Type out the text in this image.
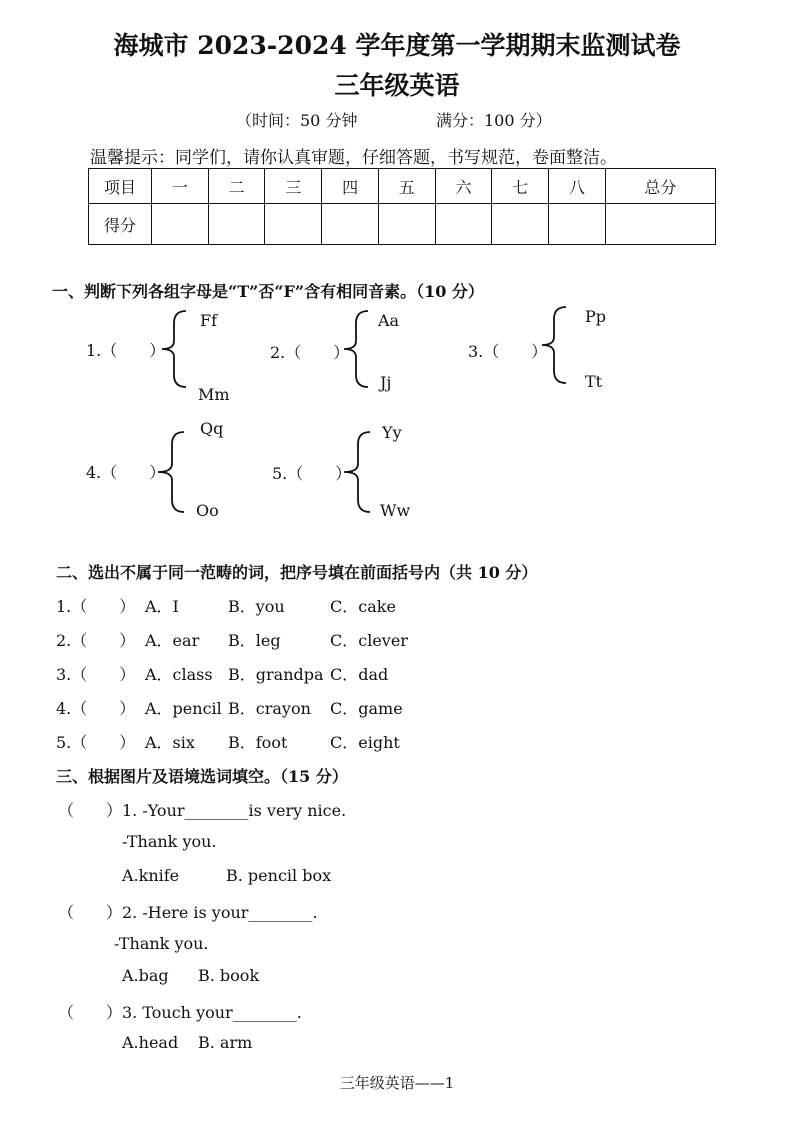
海城市 2023-2024 学年度第一学期期末监测试卷
三年级英语
（时间：50 分钟	满分：100 分）
温馨提示：同学们，请你认真审题，仔细答题，书写规范，卷面整洁。
项目	一	二	三	四	五	六	七	八	总分
得分									
一、判断下列各组字母是“T”否“F”含有相同音素。（10 分）
1.（　　）
Ff
Mm
2.（　　）
Aa
Jj
3.（　　）
Pp
Tt
4.（　　）
Qq
Oo
5.（　　）
Yy
Ww
二、选出不属于同一范畴的词，把序号填在前面括号内（共 10 分）
1.（　　） A．I	B．you	C．cake
2.（　　） A．ear B．leg	C．clever
3.（　　） A．class B．grandpa C．dad
4.（　　） A．pencil B．crayon C．game
5.（　　） A．six B．foot	C．eight
三、根据图片及语境选词填空。（15 分）
（　　）1. -Your________is very nice.
-Thank you.
A.knife	B. pencil box
（　　）2. -Here is your________.
-Thank you.
A.bag B. book
（　　）3. Touch your________.
A.head B. arm
三年级英语——1
